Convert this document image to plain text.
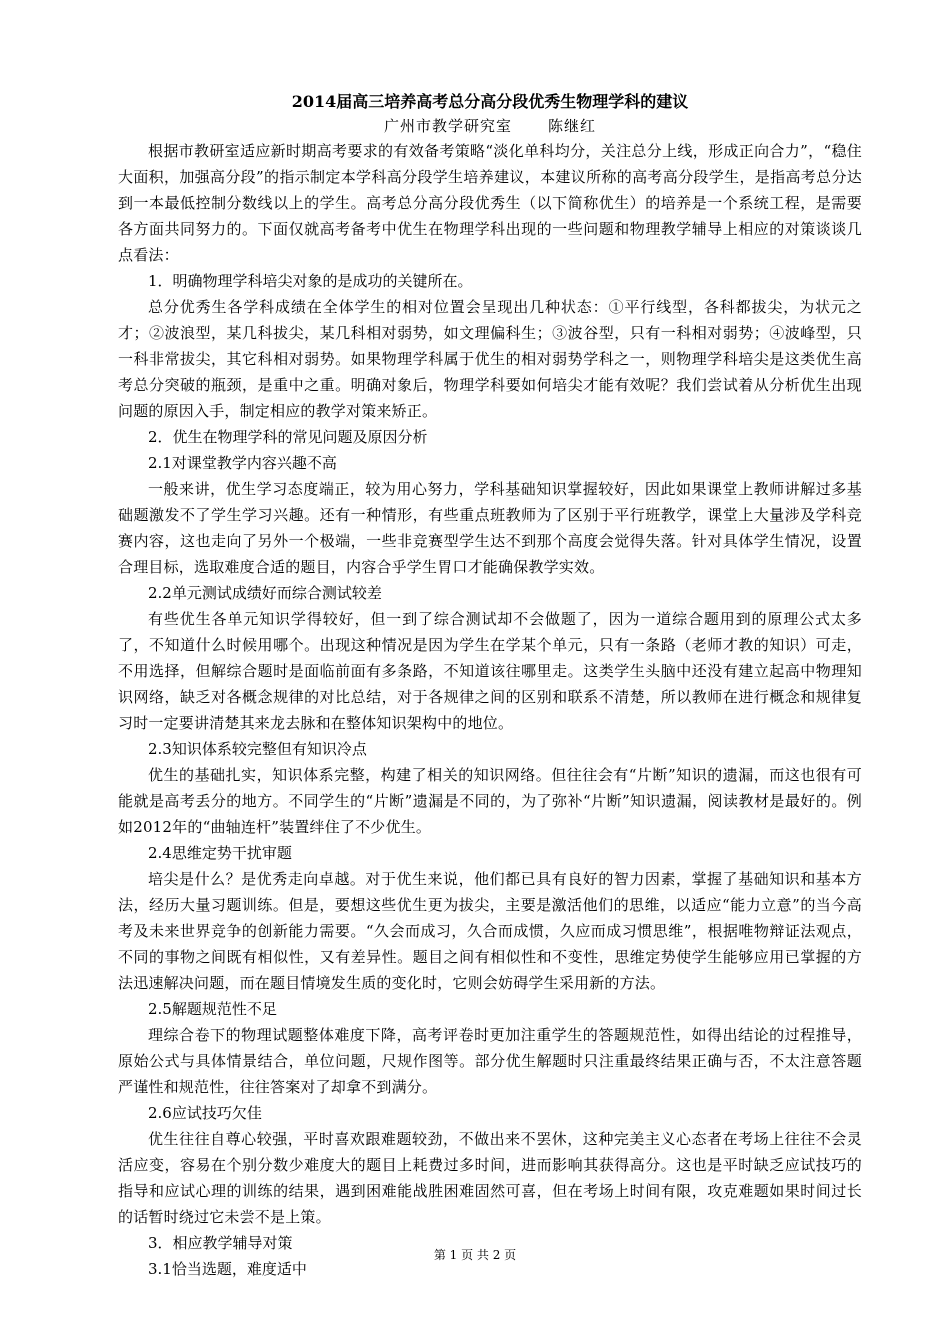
2014届高三培养高考总分高分段优秀生物理学科的建议

广州市教学研究室 陈继红

根据市教研室适应新时期高考要求的有效备考策略“淡化单科均分，关注总分上线，形成正向合力”，“稳住大面积，加强高分段”的指示制定本学科高分段学生培养建议，本建议所称的高考高分段学生，是指高考总分达到一本最低控制分数线以上的学生。高考总分高分段优秀生（以下简称优生）的培养是一个系统工程，是需要各方面共同努力的。下面仅就高考备考中优生在物理学科出现的一些问题和物理教学辅导上相应的对策谈谈几点看法：

1．明确物理学科培尖对象的是成功的关键所在。

总分优秀生各学科成绩在全体学生的相对位置会呈现出几种状态：①平行线型，各科都拔尖，为状元之才；②波浪型，某几科拔尖，某几科相对弱势，如文理偏科生；③波谷型，只有一科相对弱势；④波峰型，只一科非常拔尖，其它科相对弱势。如果物理学科属于优生的相对弱势学科之一，则物理学科培尖是这类优生高考总分突破的瓶颈，是重中之重。明确对象后，物理学科要如何培尖才能有效呢？我们尝试着从分析优生出现问题的原因入手，制定相应的教学对策来矫正。

2．优生在物理学科的常见问题及原因分析

2.1对课堂教学内容兴趣不高

一般来讲，优生学习态度端正，较为用心努力，学科基础知识掌握较好，因此如果课堂上教师讲解过多基础题激发不了学生学习兴趣。还有一种情形，有些重点班教师为了区别于平行班教学，课堂上大量涉及学科竞赛内容，这也走向了另外一个极端，一些非竞赛型学生达不到那个高度会觉得失落。针对具体学生情况，设置合理目标，选取难度合适的题目，内容合乎学生胃口才能确保教学实效。

2.2单元测试成绩好而综合测试较差

有些优生各单元知识学得较好，但一到了综合测试却不会做题了，因为一道综合题用到的原理公式太多了，不知道什么时候用哪个。出现这种情况是因为学生在学某个单元，只有一条路（老师才教的知识）可走，不用选择，但解综合题时是面临前面有多条路，不知道该往哪里走。这类学生头脑中还没有建立起高中物理知识网络，缺乏对各概念规律的对比总结，对于各规律之间的区别和联系不清楚，所以教师在进行概念和规律复习时一定要讲清楚其来龙去脉和在整体知识架构中的地位。

2.3知识体系较完整但有知识冷点

优生的基础扎实，知识体系完整，构建了相关的知识网络。但往往会有“片断”知识的遗漏，而这也很有可能就是高考丢分的地方。不同学生的“片断”遗漏是不同的，为了弥补“片断”知识遗漏，阅读教材是最好的。例如2012年的“曲轴连杆”装置绊住了不少优生。

2.4思维定势干扰审题

培尖是什么？是优秀走向卓越。对于优生来说，他们都已具有良好的智力因素，掌握了基础知识和基本方法，经历大量习题训练。但是，要想这些优生更为拔尖，主要是激活他们的思维，以适应“能力立意”的当今高考及未来世界竞争的创新能力需要。“久会而成习，久合而成惯，久应而成习惯思维”，根据唯物辩证法观点，不同的事物之间既有相似性，又有差异性。题目之间有相似性和不变性，思维定势使学生能够应用已掌握的方法迅速解决问题，而在题目情境发生质的变化时，它则会妨碍学生采用新的方法。

2.5解题规范性不足

理综合卷下的物理试题整体难度下降，高考评卷时更加注重学生的答题规范性，如得出结论的过程推导，原始公式与具体情景结合，单位问题，尺规作图等。部分优生解题时只注重最终结果正确与否，不太注意答题严谨性和规范性，往往答案对了却拿不到满分。

2.6应试技巧欠佳

优生往往自尊心较强，平时喜欢跟难题较劲，不做出来不罢休，这种完美主义心态者在考场上往往不会灵活应变，容易在个别分数少难度大的题目上耗费过多时间，进而影响其获得高分。这也是平时缺乏应试技巧的指导和应试心理的训练的结果，遇到困难能战胜困难固然可喜，但在考场上时间有限，攻克难题如果时间过长的话暂时绕过它未尝不是上策。

3．相应教学辅导对策

3.1恰当选题，难度适中

第 1 页 共 2 页
